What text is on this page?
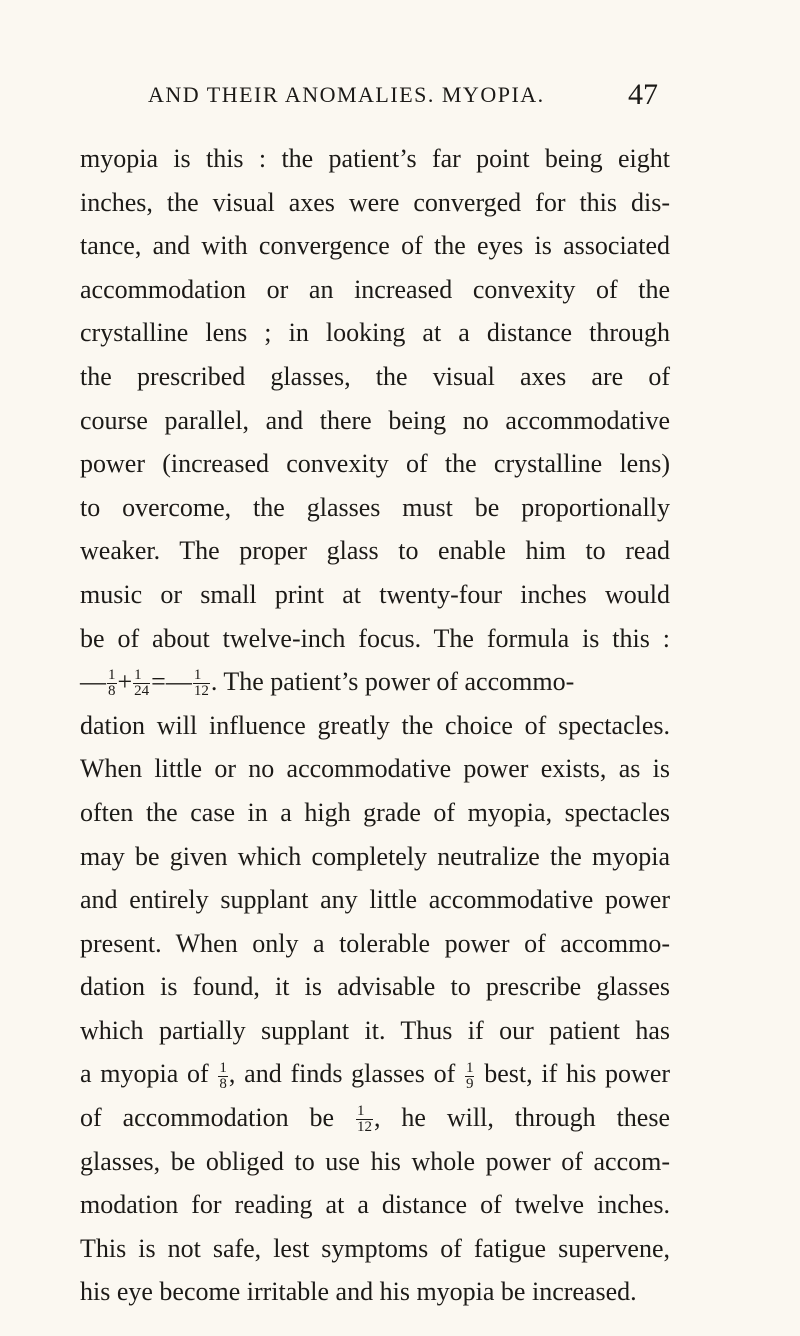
AND THEIR ANOMALIES. MYOPIA.	47
myopia is this : the patient’s far point being eight
inches, the visual axes were converged for this dis-
tance, and with convergence of the eyes is associated
accommodation or an increased convexity of the
crystalline lens ; in looking at a distance through
the prescribed glasses, the visual axes are of
course parallel, and there being no accommodative
power (increased convexity of the crystalline lens)
to overcome, the glasses must be proportionally
weaker. The proper glass to enable him to read
music or small print at twenty-four inches would
be of about twelve-inch focus. The formula is this :
— $\frac{1}{8} + \frac{1}{24}$ =— $\frac{1}{12}$ . The patient’s power of accommo-
dation will influence greatly the choice of spectacles.
When little or no accommodative power exists, as is
often the case in a high grade of myopia, spectacles
may be given which completely neutralize the myopia
and entirely supplant any little accommodative power
present. When only a tolerable power of accommo-
dation is found, it is advisable to prescribe glasses
which partially supplant it. Thus if our patient has
a myopia of $\frac{1}{8}$ , and finds glasses of $\frac{1}{9}$ best, if his power
of accommodation be $\frac{1}{12}$ , he will, through these
glasses, be obliged to use his whole power of accom-
modation for reading at a distance of twelve inches.
This is not safe, lest symptoms of fatigue supervene,
his eye become irritable and his myopia be increased.
